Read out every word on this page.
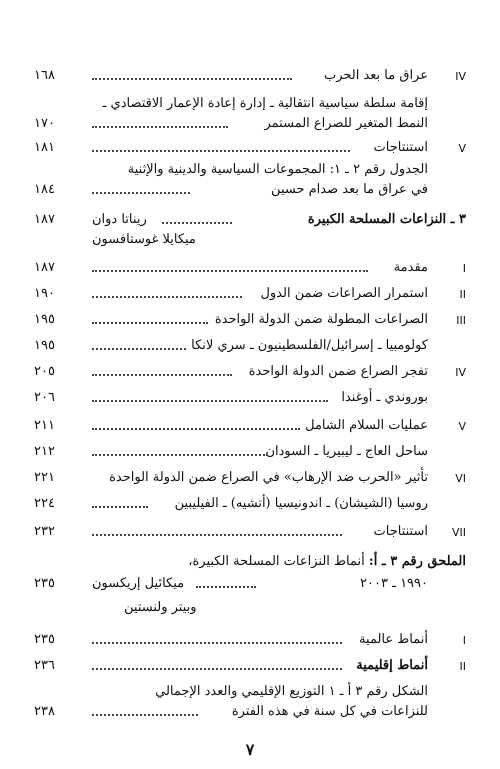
IV
عراق ما بعد الحرب
١٦٨
إقامة سلطة سياسية انتقالية ـ إدارة إعادة الإعمار الاقتصادي ـ
النمط المتغير للصراع المستمر
١٧٠
V
استنتاجات
١٨١
الجدول رقم ٢ ـ ١: المجموعات السياسية والدينية والإثنية
في عراق ما بعد صدام حسين
١٨٤
٣ ـ النزاعات المسلحة الكبيرة
ريناتا دوان
١٨٧
ميكايلا غوستافسون
I
مقدمة
١٨٧
II
استمرار الصراعات ضمن الدول
١٩٠
III
الصراعات المطولة ضمن الدولة الواحدة
١٩٥
كولومبيا ـ إسرائيل/الفلسطينيون ـ سري لانكا
١٩٥
IV
تفجر الصراع ضمن الدولة الواحدة
٢٠٥
بوروندي ـ أوغندا
٢٠٦
V
عمليات السلام الشامل
٢١١
ساحل العاج ـ ليبيريا ـ السودان
٢١٢
VI
تأثير «الحرب ضد الإرهاب» في الصراع ضمن الدولة الواحدة
٢٢١
روسيا (الشيشان) ـ اندونيسيا (أتشيه) ـ الفيليبين
٢٢٤
VII
استنتاجات
٢٣٢
الملحق رقم ٣ ـ أ: أنماط النزاعات المسلحة الكبيرة،
١٩٩٠ ـ ٢٠٠٣
ميكائيل إريكسون
٢٣٥
وبيتر ولنستين
I
أنماط عالمية
٢٣٥
II
أنماط إقليمية
٢٣٦
الشكل رقم ٣ أ ـ ١ التوزيع الإقليمي والعدد الإجمالي
للنزاعات في كل سنة في هذه الفترة
٢٣٨
٧
